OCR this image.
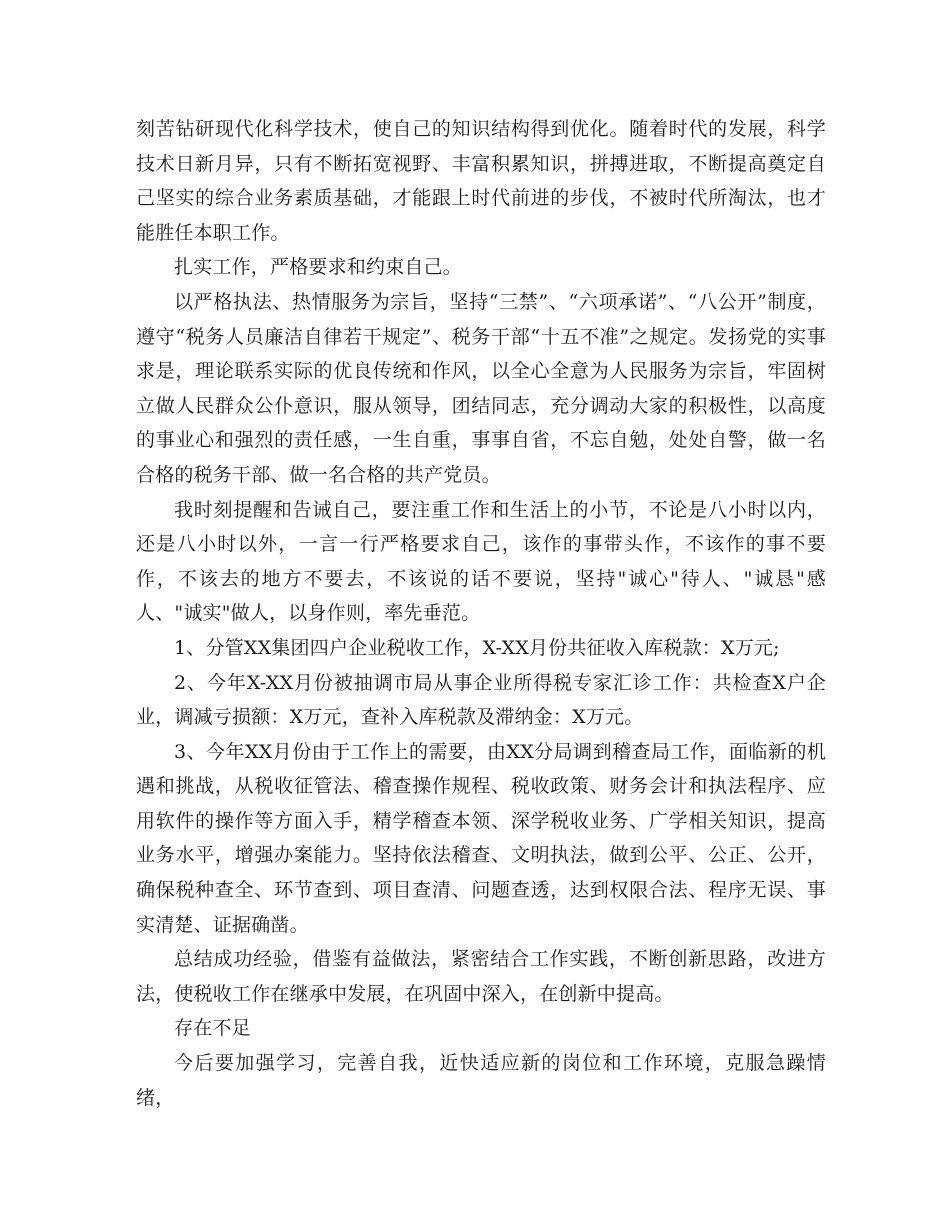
刻苦钻研现代化科学技术，使自己的知识结构得到优化。随着时代的发展，科学技术日新月异，只有不断拓宽视野、丰富积累知识，拼搏进取，不断提高奠定自己坚实的综合业务素质基础，才能跟上时代前进的步伐，不被时代所淘汰，也才能胜任本职工作。

扎实工作，严格要求和约束自己。

以严格执法、热情服务为宗旨，坚持“三禁”、“六项承诺”、“八公开”制度，遵守“税务人员廉洁自律若干规定”、税务干部“十五不准”之规定。发扬党的实事求是，理论联系实际的优良传统和作风，以全心全意为人民服务为宗旨，牢固树立做人民群众公仆意识，服从领导，团结同志，充分调动大家的积极性，以高度的事业心和强烈的责任感，一生自重，事事自省，不忘自勉，处处自警，做一名合格的税务干部、做一名合格的共产党员。

我时刻提醒和告诫自己，要注重工作和生活上的小节，不论是八小时以内，还是八小时以外，一言一行严格要求自己，该作的事带头作，不该作的事不要作，不该去的地方不要去，不该说的话不要说，坚持"诚心"待人、"诚恳"感人、"诚实"做人，以身作则，率先垂范。

1、分管XX集团四户企业税收工作，X-XX月份共征收入库税款：X万元;

2、今年X-XX月份被抽调市局从事企业所得税专家汇诊工作：共检查X户企业，调减亏损额：X万元，查补入库税款及滞纳金：X万元。

3、今年XX月份由于工作上的需要，由XX分局调到稽查局工作，面临新的机遇和挑战，从税收征管法、稽查操作规程、税收政策、财务会计和执法程序、应用软件的操作等方面入手，精学稽查本领、深学税收业务、广学相关知识，提高业务水平，增强办案能力。坚持依法稽查、文明执法，做到公平、公正、公开，确保税种查全、环节查到、项目查清、问题查透，达到权限合法、程序无误、事实清楚、证据确凿。

总结成功经验，借鉴有益做法，紧密结合工作实践，不断创新思路，改进方法，使税收工作在继承中发展，在巩固中深入，在创新中提高。

存在不足

今后要加强学习，完善自我，近快适应新的岗位和工作环境，克服急躁情绪，
